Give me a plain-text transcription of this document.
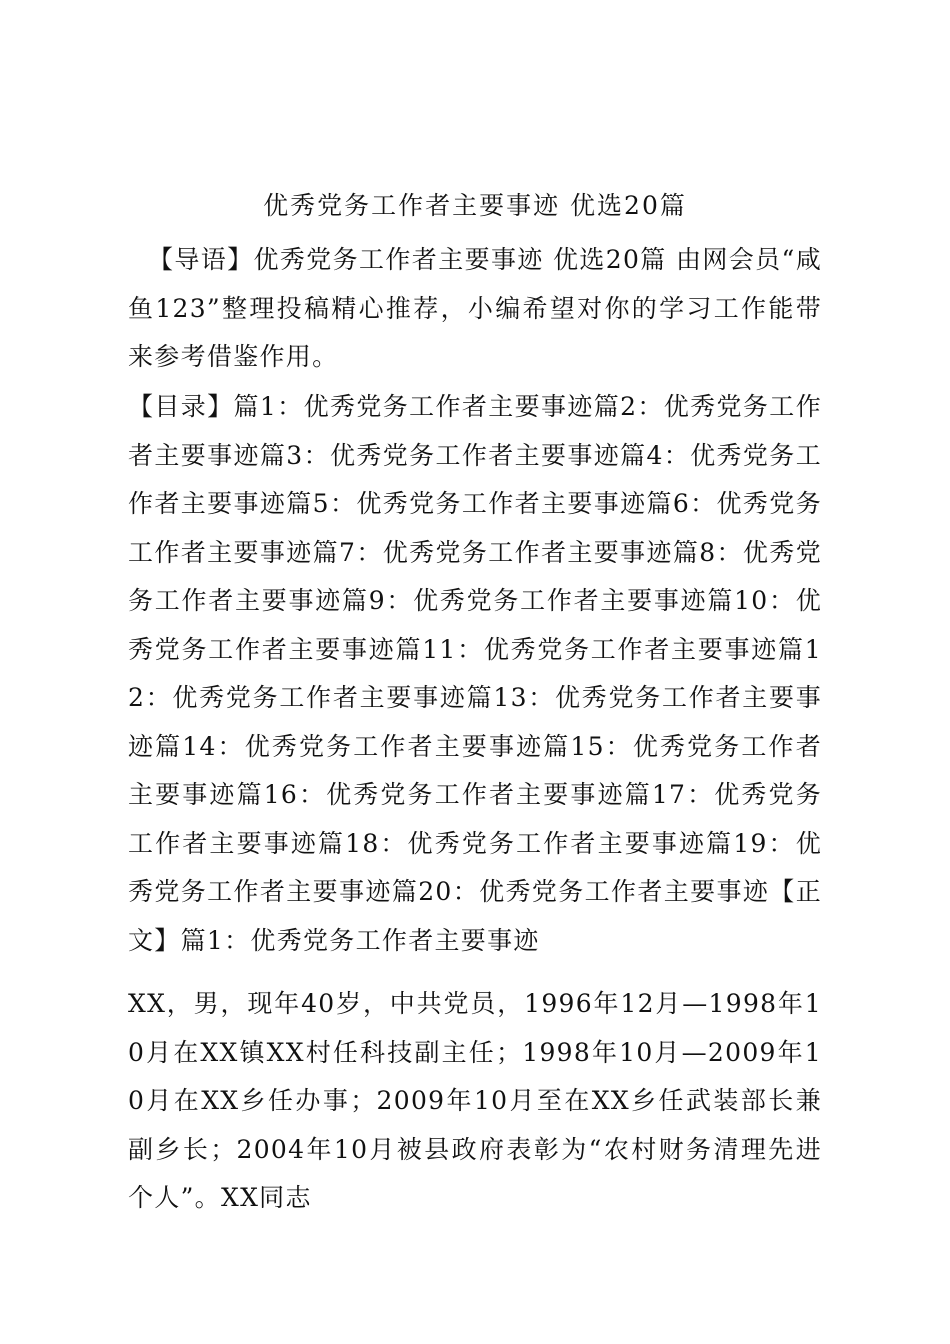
优秀党务工作者主要事迹 优选20篇

【导语】优秀党务工作者主要事迹 优选20篇 由网会员“咸鱼123”整理投稿精心推荐，小编希望对你的学习工作能带来参考借鉴作用。

【目录】篇1：优秀党务工作者主要事迹篇2：优秀党务工作者主要事迹篇3：优秀党务工作者主要事迹篇4：优秀党务工作者主要事迹篇5：优秀党务工作者主要事迹篇6：优秀党务工作者主要事迹篇7：优秀党务工作者主要事迹篇8：优秀党务工作者主要事迹篇9：优秀党务工作者主要事迹篇10：优秀党务工作者主要事迹篇11：优秀党务工作者主要事迹篇12：优秀党务工作者主要事迹篇13：优秀党务工作者主要事迹篇14：优秀党务工作者主要事迹篇15：优秀党务工作者主要事迹篇16：优秀党务工作者主要事迹篇17：优秀党务工作者主要事迹篇18：优秀党务工作者主要事迹篇19：优秀党务工作者主要事迹篇20：优秀党务工作者主要事迹【正文】篇1：优秀党务工作者主要事迹

XX，男，现年40岁，中共党员，1996年12月—1998年10月在XX镇XX村任科技副主任；1998年10月—2009年10月在XX乡任办事；2009年10月至在XX乡任武装部长兼副乡长；2004年10月被县政府表彰为“农村财务清理先进个人”。XX同志
